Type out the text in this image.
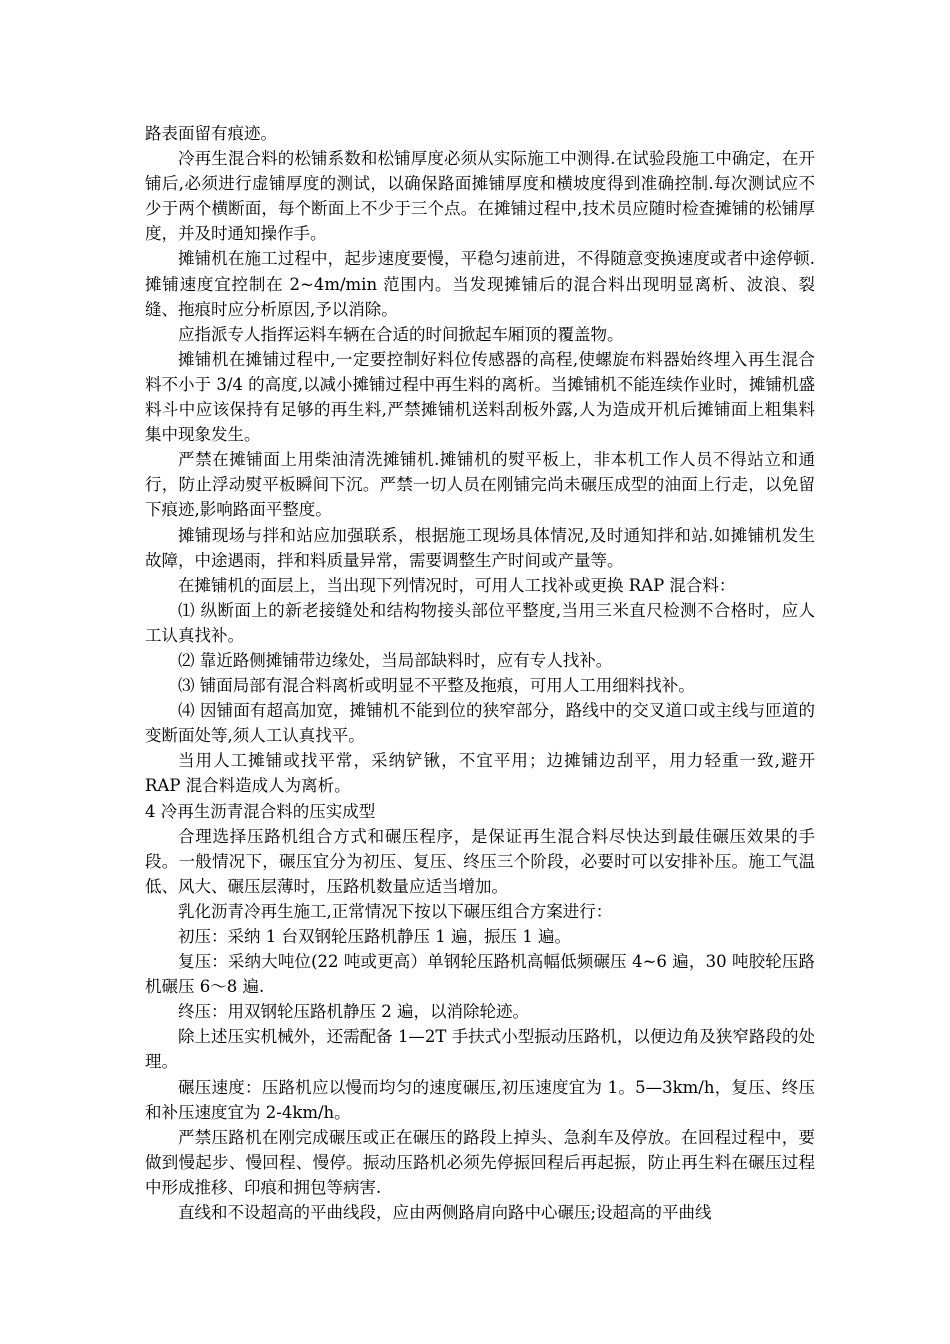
路表面留有痕迹。

冷再生混合料的松铺系数和松铺厚度必须从实际施工中测得.在试验段施工中确定，在开铺后,必须进行虚铺厚度的测试，以确保路面摊铺厚度和横坡度得到准确控制.每次测试应不少于两个横断面，每个断面上不少于三个点。在摊铺过程中,技术员应随时检查摊铺的松铺厚度，并及时通知操作手。

摊铺机在施工过程中，起步速度要慢，平稳匀速前进，不得随意变换速度或者中途停顿.摊铺速度宜控制在 2~4m/min 范围内。当发现摊铺后的混合料出现明显离析、波浪、裂缝、拖痕时应分析原因,予以消除。

应指派专人指挥运料车辆在合适的时间掀起车厢顶的覆盖物。

摊铺机在摊铺过程中,一定要控制好料位传感器的高程,使螺旋布料器始终埋入再生混合料不小于 3/4 的高度,以减小摊铺过程中再生料的离析。当摊铺机不能连续作业时，摊铺机盛料斗中应该保持有足够的再生料,严禁摊铺机送料刮板外露,人为造成开机后摊铺面上粗集料集中现象发生。

严禁在摊铺面上用柴油清洗摊铺机.摊铺机的熨平板上，非本机工作人员不得站立和通行，防止浮动熨平板瞬间下沉。严禁一切人员在刚铺完尚未碾压成型的油面上行走，以免留下痕迹,影响路面平整度。

摊铺现场与拌和站应加强联系，根据施工现场具体情况,及时通知拌和站.如摊铺机发生故障，中途遇雨，拌和料质量异常，需要调整生产时间或产量等。

在摊铺机的面层上，当出现下列情况时，可用人工找补或更换 RAP 混合料：

⑴ 纵断面上的新老接缝处和结构物接头部位平整度,当用三米直尺检测不合格时，应人工认真找补。

⑵ 靠近路侧摊铺带边缘处，当局部缺料时，应有专人找补。

⑶ 铺面局部有混合料离析或明显不平整及拖痕，可用人工用细料找补。

⑷ 因铺面有超高加宽，摊铺机不能到位的狭窄部分，路线中的交叉道口或主线与匝道的变断面处等,须人工认真找平。

当用人工摊铺或找平常，采纳铲锹，不宜平用；边摊铺边刮平，用力轻重一致,避开 RAP 混合料造成人为离析。

4 冷再生沥青混合料的压实成型

合理选择压路机组合方式和碾压程序，是保证再生混合料尽快达到最佳碾压效果的手段。一般情况下，碾压宜分为初压、复压、终压三个阶段，必要时可以安排补压。施工气温低、风大、碾压层薄时，压路机数量应适当增加。

乳化沥青冷再生施工,正常情况下按以下碾压组合方案进行：

初压：采纳 1 台双钢轮压路机静压 1 遍，振压 1 遍。

复压：采纳大吨位(22 吨或更高）单钢轮压路机高幅低频碾压 4~6 遍，30 吨胶轮压路机碾压 6～8 遍.

终压：用双钢轮压路机静压 2 遍，以消除轮迹。

除上述压实机械外，还需配备 1—2T 手扶式小型振动压路机，以便边角及狭窄路段的处理。

碾压速度：压路机应以慢而均匀的速度碾压,初压速度宜为 1。5—3km/h，复压、终压和补压速度宜为 2-4km/h。

严禁压路机在刚完成碾压或正在碾压的路段上掉头、急刹车及停放。在回程过程中，要做到慢起步、慢回程、慢停。振动压路机必须先停振回程后再起振，防止再生料在碾压过程中形成推移、印痕和拥包等病害.

直线和不设超高的平曲线段，应由两侧路肩向路中心碾压;设超高的平曲线
